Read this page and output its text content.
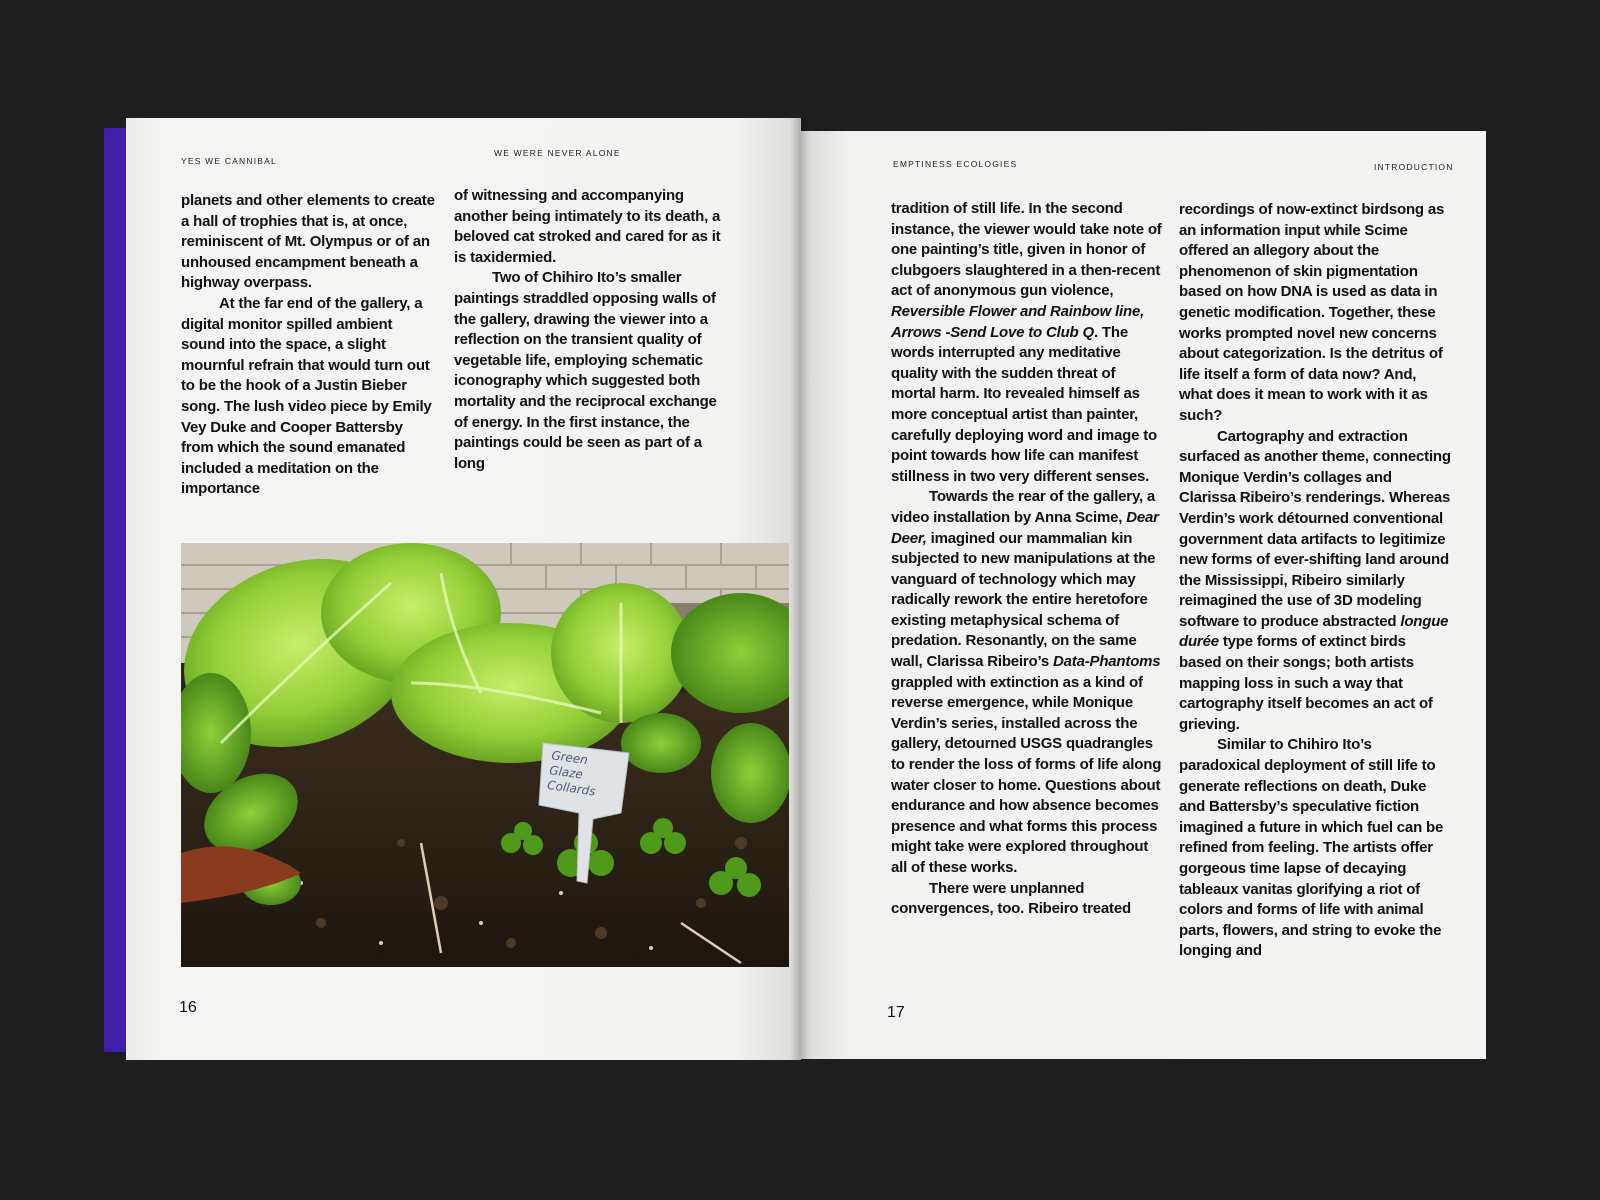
YES WE CANNIBAL
WE WERE NEVER ALONE

planets and other elements to create a hall of trophies that is, at once, reminiscent of Mt. Olympus or of an unhoused encampment beneath a highway overpass.

At the far end of the gallery, a digital monitor spilled ambient sound into the space, a slight mournful refrain that would turn out to be the hook of a Justin Bieber song. The lush video piece by Emily Vey Duke and Cooper Battersby from which the sound emanated included a meditation on the importance

of witnessing and accompanying another being intimately to its death, a beloved cat stroked and cared for as it is taxidermied.

Two of Chihiro Ito’s smaller paintings straddled opposing walls of the gallery, drawing the viewer into a reflection on the transient quality of vegetable life, employing schematic iconography which suggested both mortality and the reciprocal exchange of energy. In the first instance, the paintings could be seen as part of a long

Green Glaze Collards
16
EMPTINESS ECOLOGIES	INTRODUCTION

tradition of still life. In the second instance, the viewer would take note of one painting’s title, given in honor of clubgoers slaughtered in a then-recent act of anonymous gun violence, Reversible Flower and Rainbow line, Arrows -Send Love to Club Q. The words interrupted any meditative quality with the sudden threat of mortal harm. Ito revealed himself as more conceptual artist than painter, carefully deploying word and image to point towards how life can manifest stillness in two very different senses.

Towards the rear of the gallery, a video installation by Anna Scime, Dear Deer, imagined our mammalian kin subjected to new manipulations at the vanguard of technology which may radically rework the entire heretofore existing metaphysical schema of predation. Resonantly, on the same wall, Clarissa Ribeiro’s Data-Phantoms grappled with extinction as a kind of reverse emergence, while Monique Verdin’s series, installed across the gallery, detourned USGS quadrangles to render the loss of forms of life along water closer to home. Questions about endurance and how absence becomes presence and what forms this process might take were explored throughout all of these works.

There were unplanned convergences, too. Ribeiro treated

recordings of now-extinct birdsong as an information input while Scime offered an allegory about the phenomenon of skin pigmentation based on how DNA is used as data in genetic modification. Together, these works prompted novel new concerns about categorization. Is the detritus of life itself a form of data now? And, what does it mean to work with it as such?

Cartography and extraction surfaced as another theme, connecting Monique Verdin’s collages and Clarissa Ribeiro’s renderings. Whereas Verdin’s work détourned conventional government data artifacts to legitimize new forms of ever-shifting land around the Mississippi, Ribeiro similarly reimagined the use of 3D modeling software to produce abstracted longue durée type forms of extinct birds based on their songs; both artists mapping loss in such a way that cartography itself becomes an act of grieving.

Similar to Chihiro Ito’s paradoxical deployment of still life to generate reflections on death, Duke and Battersby’s speculative fiction imagined a future in which fuel can be refined from feeling. The artists offer gorgeous time lapse of decaying tableaux vanitas glorifying a riot of colors and forms of life with animal parts, flowers, and string to evoke the longing and

17
